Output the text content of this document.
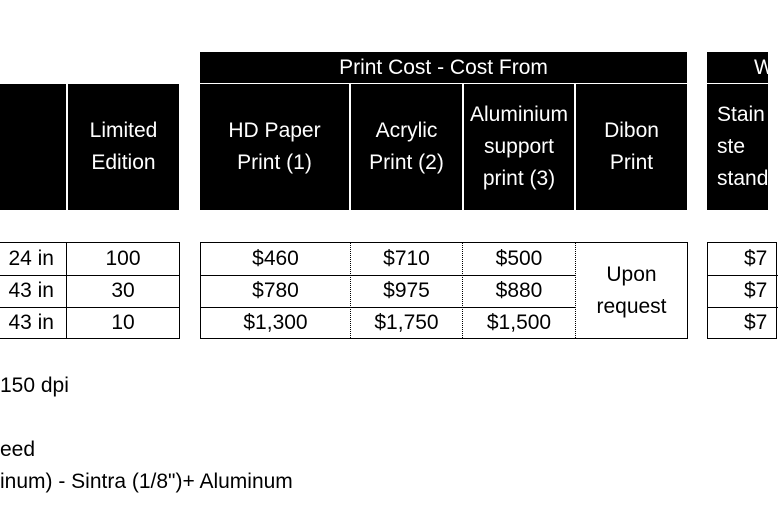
Limited
Edition
Print Cost - Cost From
HD Paper
Print (1)
Acrylic
Print (2)
Aluminium
support
print (3)
Dibon
Print
W
Stain
ste
stand
24 in
43 in
43 in
100
30
10
$460
$780
$1,300
$710
$975
$1,750
$500
$880
$1,500
Upon
request
$7
$7
$7
150 dpi
eed
inum) - Sintra (1/8")+ Aluminum
